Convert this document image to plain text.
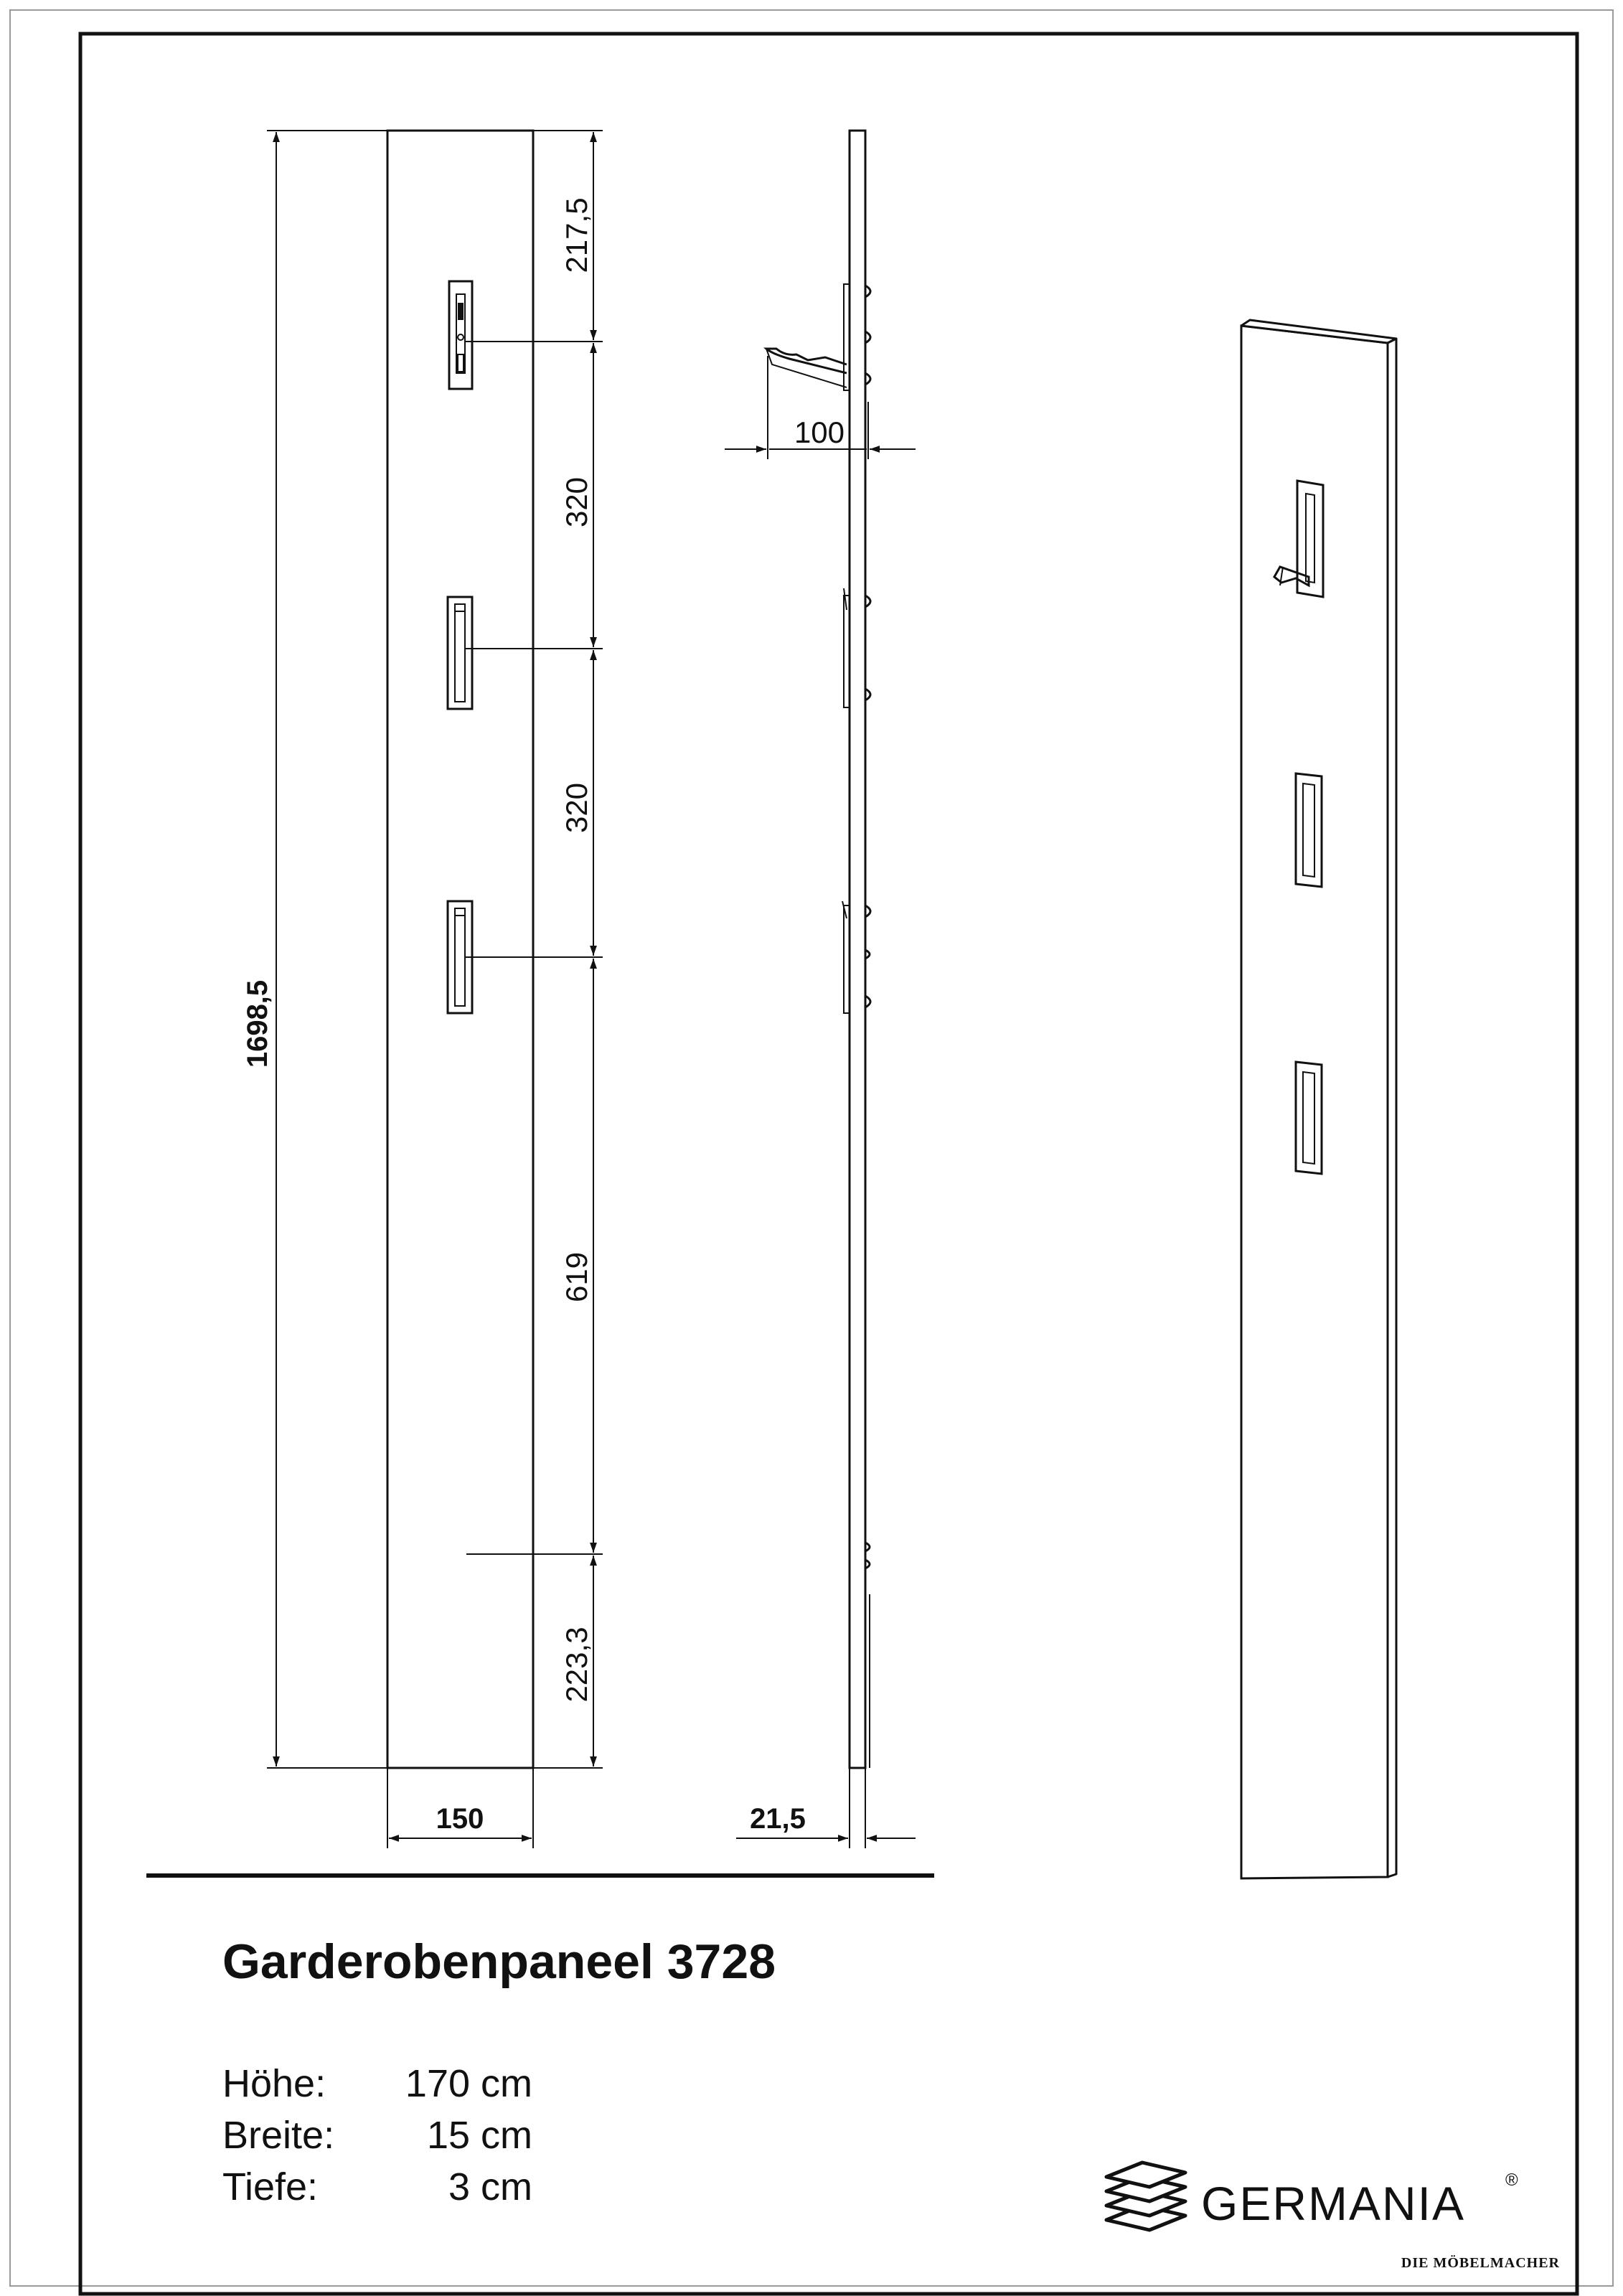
1698,5
217,5
320
320
619
223,3
150
100
21,5
Garderobenpaneel 3728
Höhe: 170 cm
Breite: 15 cm
Tiefe:	3 cm	GERMANIA ®
DIE MÖBELMACHER
